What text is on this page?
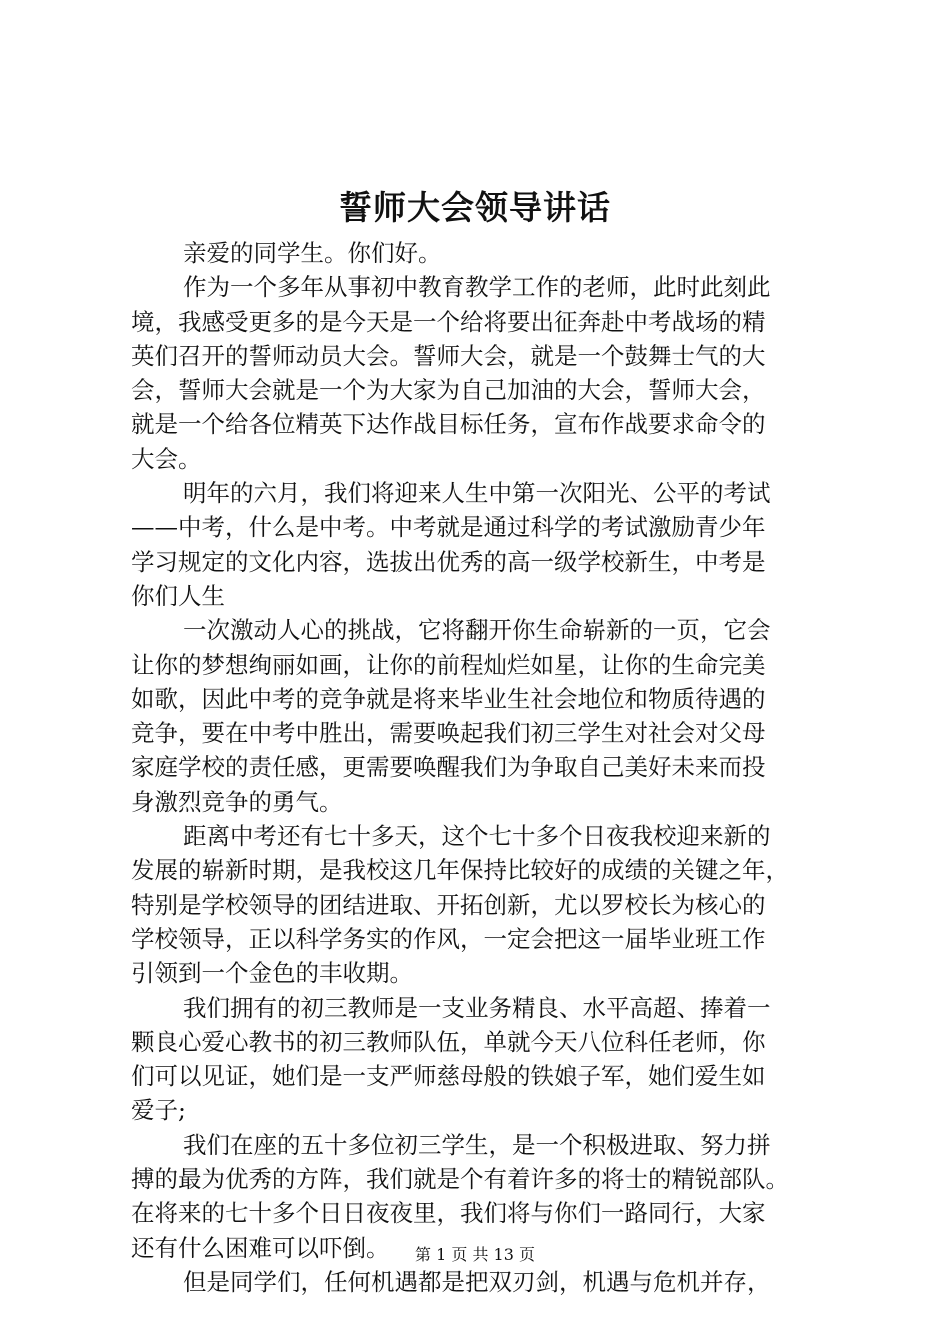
誓师大会领导讲话
亲爱的同学生。你们好。
作为一个多年从事初中教育教学工作的老师，此时此刻此
境，我感受更多的是今天是一个给将要出征奔赴中考战场的精
英们召开的誓师动员大会。誓师大会，就是一个鼓舞士气的大
会，誓师大会就是一个为大家为自己加油的大会，誓师大会，
就是一个给各位精英下达作战目标任务，宣布作战要求命令的
大会。
明年的六月，我们将迎来人生中第一次阳光、公平的考试
——中考，什么是中考。中考就是通过科学的考试激励青少年
学习规定的文化内容，选拔出优秀的高一级学校新生，中考是
你们人生
一次激动人心的挑战，它将翻开你生命崭新的一页，它会
让你的梦想绚丽如画，让你的前程灿烂如星，让你的生命完美
如歌，因此中考的竞争就是将来毕业生社会地位和物质待遇的
竞争，要在中考中胜出，需要唤起我们初三学生对社会对父母
家庭学校的责任感，更需要唤醒我们为争取自己美好未来而投
身激烈竞争的勇气。
距离中考还有七十多天，这个七十多个日夜我校迎来新的
发展的崭新时期，是我校这几年保持比较好的成绩的关键之年，
特别是学校领导的团结进取、开拓创新，尤以罗校长为核心的
学校领导，正以科学务实的作风，一定会把这一届毕业班工作
引领到一个金色的丰收期。
我们拥有的初三教师是一支业务精良、水平高超、捧着一
颗良心爱心教书的初三教师队伍，单就今天八位科任老师，你
们可以见证，她们是一支严师慈母般的铁娘子军，她们爱生如
爱子;
我们在座的五十多位初三学生，是一个积极进取、努力拼
搏的最为优秀的方阵，我们就是个有着许多的将士的精锐部队。
在将来的七十多个日日夜夜里，我们将与你们一路同行，大家
还有什么困难可以吓倒。
但是同学们，任何机遇都是把双刃剑，机遇与危机并存，
第 1 页 共 13 页
